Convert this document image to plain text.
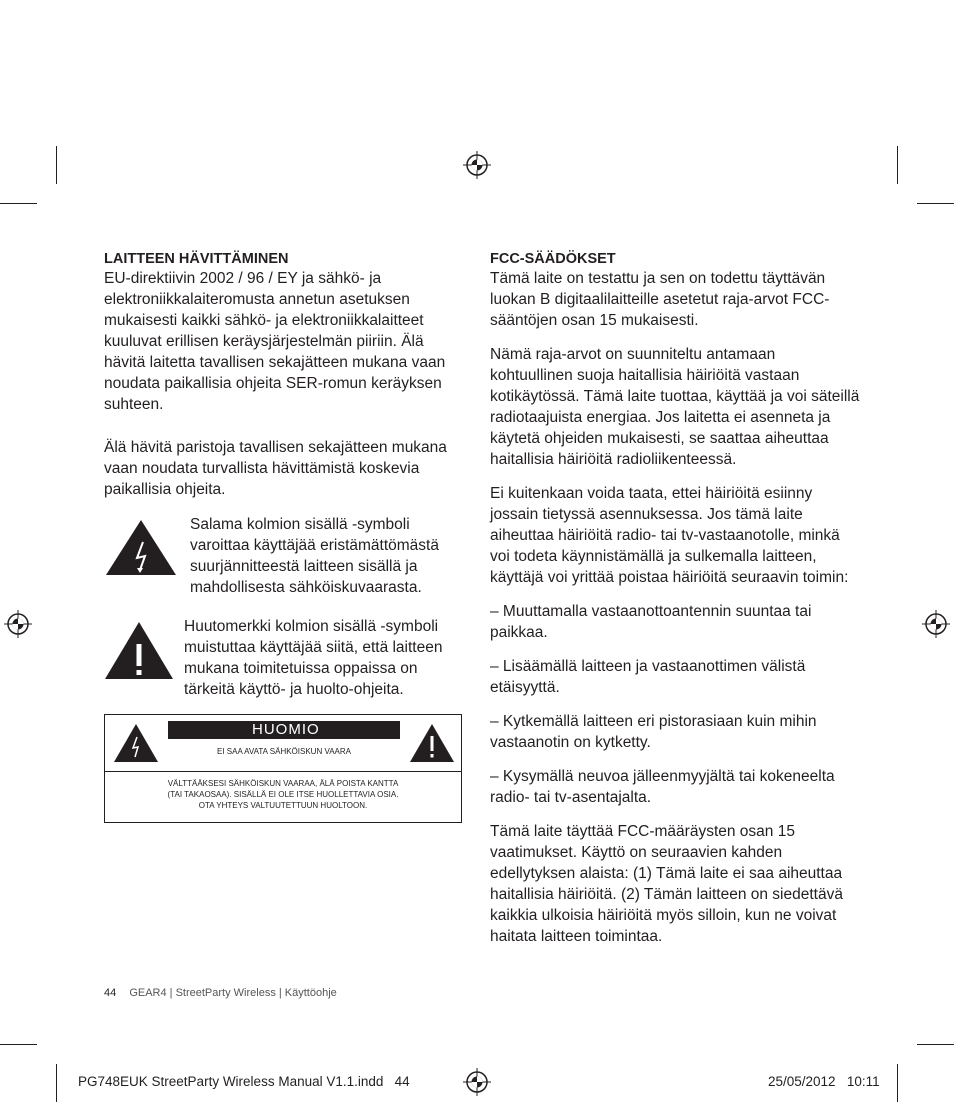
LAITTEEN HÄVITTÄMINEN

EU-direktiivin 2002 / 96 / EY ja sähkö- ja elektroniikkalaiteromusta annetun asetuksen mukaisesti kaikki sähkö- ja elektroniikkalaitteet kuuluvat erillisen keräysjärjestelmän piiriin. Älä hävitä laitetta tavallisen sekajätteen mukana vaan noudata paikallisia ohjeita SER-romun keräyksen suhteen.

Älä hävitä paristoja tavallisen sekajätteen mukana vaan noudata turvallista hävittämistä koskevia paikallisia ohjeita.

Salama kolmion sisällä -symboli varoittaa käyttäjää eristämättömästä suurjännitteestä laitteen sisällä ja mahdollisesta sähköiskuvaarasta.
Huutomerkki kolmion sisällä -symboli muistuttaa käyttäjää siitä, että laitteen mukana toimitetuissa oppaissa on tärkeitä käyttö- ja huolto-ohjeita.
HUOMIO
EI SAA AVATA SÄHKÖISKUN VAARA
VÄLTTÄÄKSESI SÄHKÖISKUN VAARAA, ÄLÄ POISTA KANTTA
(TAI TAKAOSAA). SISÄLLÄ EI OLE ITSE HUOLLETTAVIA OSIA.
OTA YHTEYS VALTUUTETTUUN HUOLTOON.
FCC-SÄÄDÖKSET

Tämä laite on testattu ja sen on todettu täyttävän luokan B digitaalilaitteille asetetut raja-arvot FCC-sääntöjen osan 15 mukaisesti.

Nämä raja-arvot on suunniteltu antamaan kohtuullinen suoja haitallisia häiriöitä vastaan kotikäytössä. Tämä laite tuottaa, käyttää ja voi säteillä radiotaajuista energiaa. Jos laitetta ei asenneta ja käytetä ohjeiden mukaisesti, se saattaa aiheuttaa haitallisia häiriöitä radioliikenteessä.

Ei kuitenkaan voida taata, ettei häiriöitä esiinny jossain tietyssä asennuksessa. Jos tämä laite aiheuttaa häiriöitä radio- tai tv-vastaanotolle, minkä voi todeta käynnistämällä ja sulkemalla laitteen, käyttäjä voi yrittää poistaa häiriöitä seuraavin toimin:

– Muuttamalla vastaanottoantennin suuntaa tai paikkaa.

– Lisäämällä laitteen ja vastaanottimen välistä etäisyyttä.

– Kytkemällä laitteen eri pistorasiaan kuin mihin vastaanotin on kytketty.

– Kysymällä neuvoa jälleenmyyjältä tai kokeneelta radio- tai tv-asentajalta.

Tämä laite täyttää FCC-määräysten osan 15 vaatimukset. Käyttö on seuraavien kahden edellytyksen alaista: (1) Tämä laite ei saa aiheuttaa haitallisia häiriöitä. (2) Tämän laitteen on siedettävä kaikkia ulkoisia häiriöitä myös silloin, kun ne voivat haitata laitteen toimintaa.

44 GEAR4 | StreetParty Wireless | Käyttöohje
PG748EUK StreetParty Wireless Manual V1.1.indd   44	25/05/2012   10:11
